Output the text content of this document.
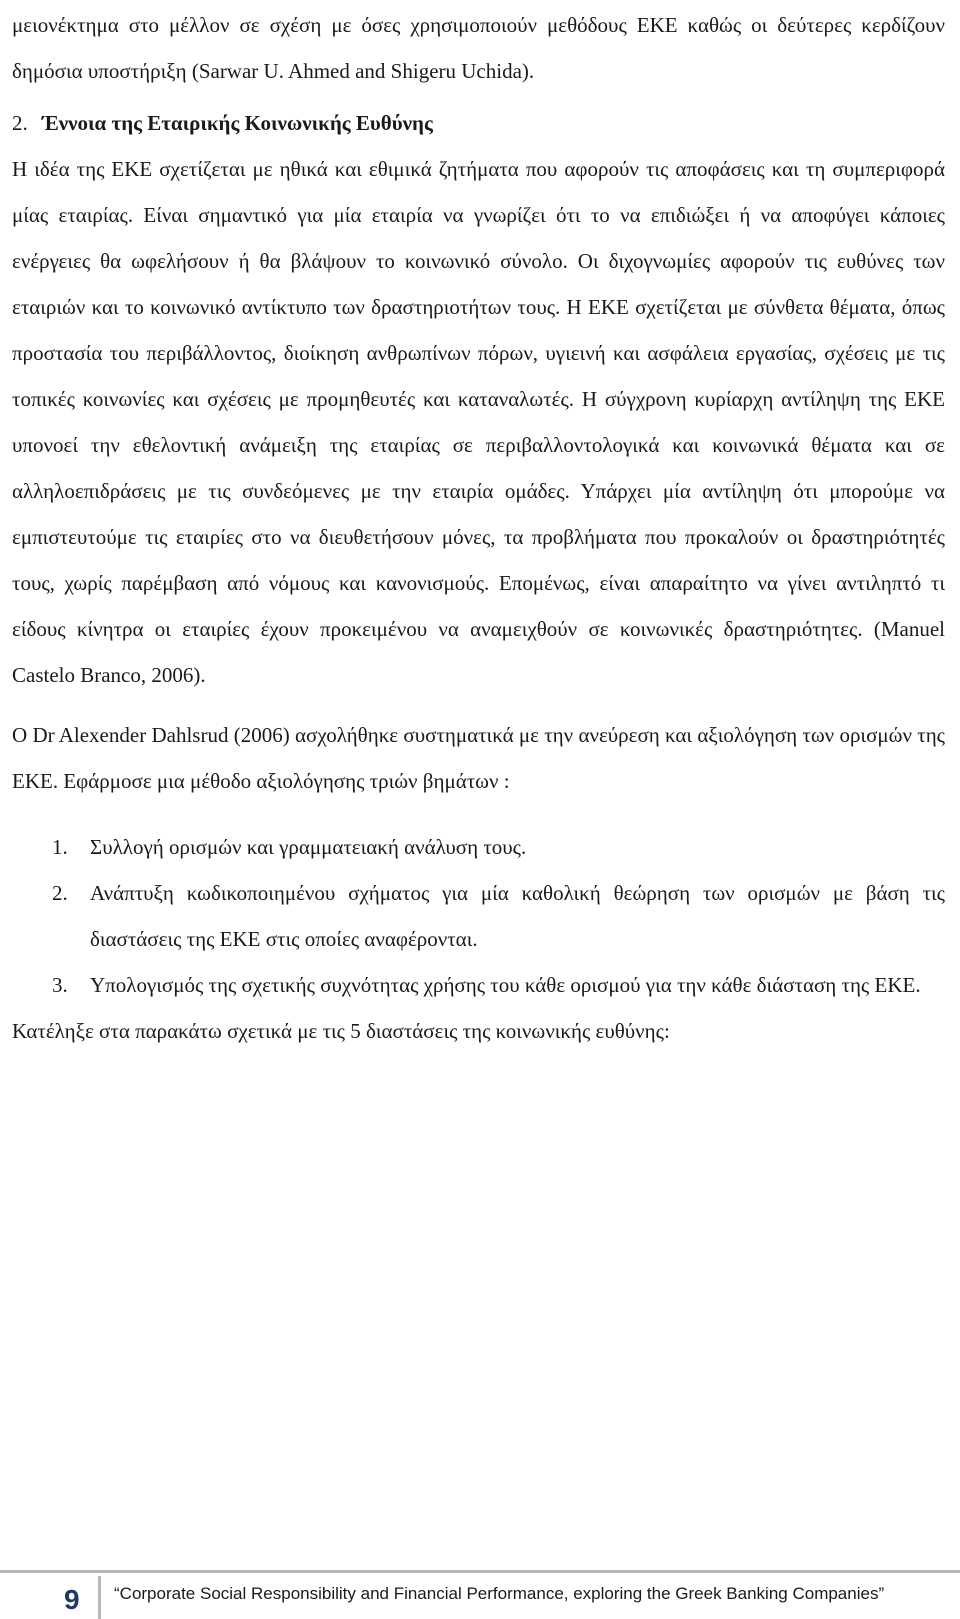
μειονέκτημα στο μέλλον σε σχέση με όσες χρησιμοποιούν μεθόδους ΕΚΕ καθώς οι δεύτερες κερδίζουν δημόσια υποστήριξη (Sarwar U. Ahmed and Shigeru Uchida).

2. Έννοια της Εταιρικής Κοινωνικής Ευθύνης

Η ιδέα της ΕΚΕ σχετίζεται με ηθικά και εθιμικά ζητήματα που αφορούν τις αποφάσεις και τη συμπεριφορά μίας εταιρίας. Είναι σημαντικό για μία εταιρία να γνωρίζει ότι το να επιδιώξει ή να αποφύγει κάποιες ενέργειες θα ωφελήσουν ή θα βλάψουν το κοινωνικό σύνολο. Οι διχογνωμίες αφορούν τις ευθύνες των εταιριών και το κοινωνικό αντίκτυπο των δραστηριοτήτων τους. Η ΕΚΕ σχετίζεται με σύνθετα θέματα, όπως προστασία του περιβάλλοντος, διοίκηση ανθρωπίνων πόρων, υγιεινή και ασφάλεια εργασίας, σχέσεις με τις τοπικές κοινωνίες και σχέσεις με προμηθευτές και καταναλωτές. Η σύγχρονη κυρίαρχη αντίληψη της ΕΚΕ υπονοεί την εθελοντική ανάμειξη της εταιρίας σε περιβαλλοντολογικά και κοινωνικά θέματα και σε αλληλοεπιδράσεις με τις συνδεόμενες με την εταιρία ομάδες. Υπάρχει μία αντίληψη ότι μπορούμε να εμπιστευτούμε τις εταιρίες στο να διευθετήσουν μόνες, τα προβλήματα που προκαλούν οι δραστηριότητές τους, χωρίς παρέμβαση από νόμους και κανονισμούς. Επομένως, είναι απαραίτητο να γίνει αντιληπτό τι είδους κίνητρα οι εταιρίες έχουν προκειμένου να αναμειχθούν σε κοινωνικές δραστηριότητες. (Manuel Castelo Branco, 2006).

Ο Dr Alexender Dahlsrud (2006) ασχολήθηκε συστηματικά με την ανεύρεση και αξιολόγηση των ορισμών της ΕΚΕ. Εφάρμοσε μια μέθοδο αξιολόγησης τριών βημάτων :

1. Συλλογή ορισμών και γραμματειακή ανάλυση τους.
2. Ανάπτυξη κωδικοποιημένου σχήματος για μία καθολική θεώρηση των ορισμών με βάση τις διαστάσεις της ΕΚΕ στις οποίες αναφέρονται.
3. Υπολογισμός της σχετικής συχνότητας χρήσης του κάθε ορισμού για την κάθε διάσταση της ΕΚΕ.

Κατέληξε στα παρακάτω σχετικά με τις 5 διαστάσεις της κοινωνικής ευθύνης:

9 “Corporate Social Responsibility and Financial Performance, exploring the Greek Banking Companies”
